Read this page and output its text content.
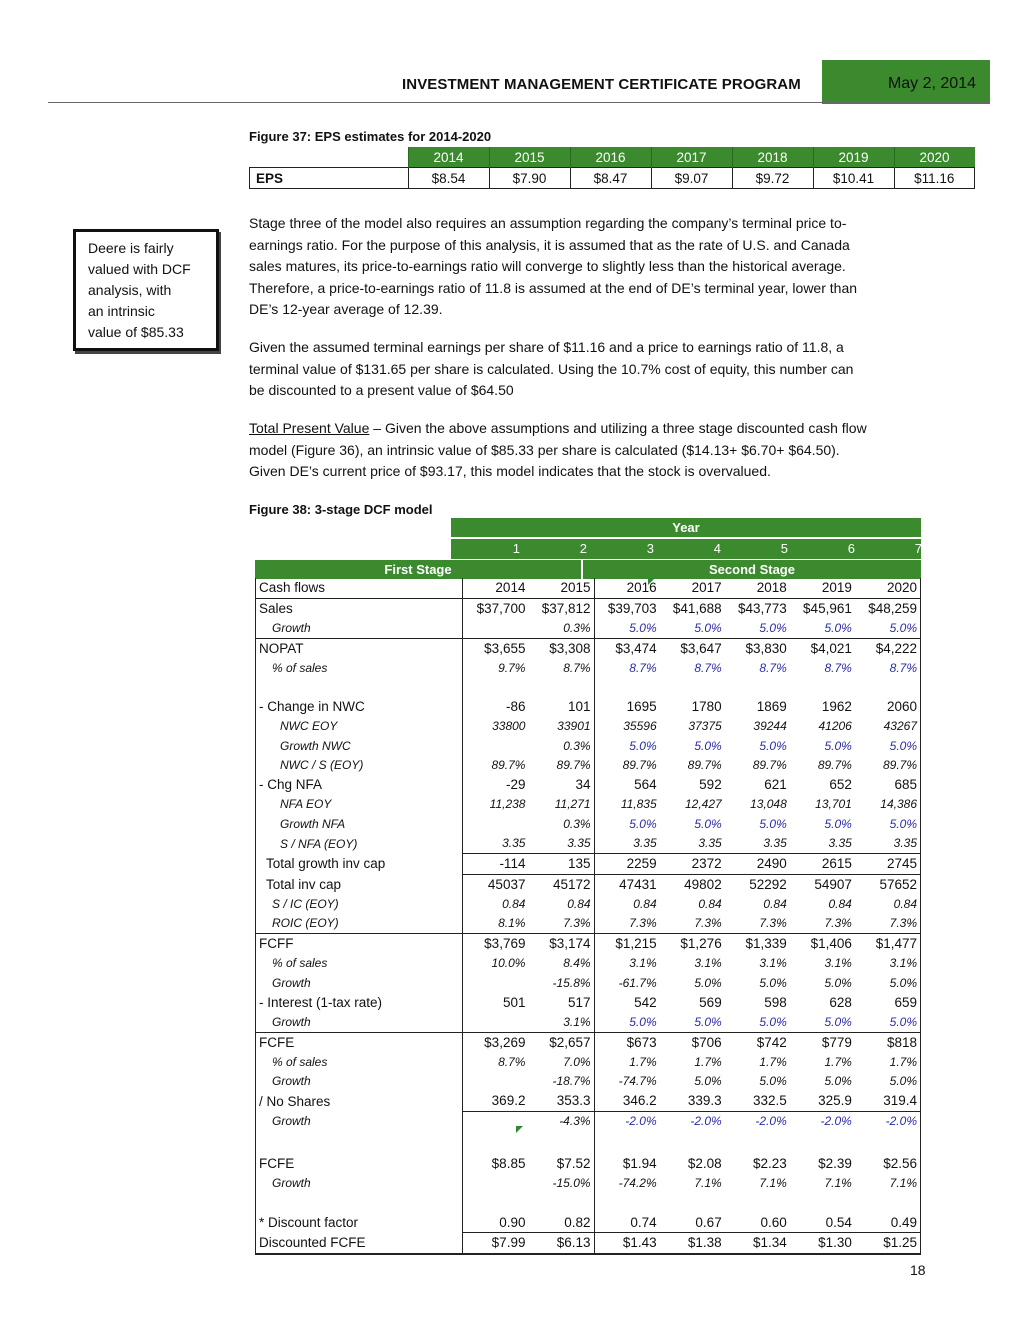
INVESTMENT MANAGEMENT CERTIFICATE PROGRAM	May 2, 2014
Figure 37: EPS estimates for 2014-2020
	2014	2015	2016	2017	2018	2019	2020
EPS	$8.54	$7.90	$8.47	$9.07	$9.72	$10.41	$11.16

Deere is fairly
valued with DCF
analysis, with
an intrinsic
value of $85.33

Stage three of the model also requires an assumption regarding the company’s terminal price to-
earnings ratio. For the purpose of this analysis, it is assumed that as the rate of U.S. and Canada
sales matures, its price-to-earnings ratio will converge to slightly less than the historical average.
Therefore, a price-to-earnings ratio of 11.8 is assumed at the end of DE’s terminal year, lower than
DE’s 12-year average of 12.39.

Given the assumed terminal earnings per share of $11.16 and a price to earnings ratio of 11.8, a
terminal value of $131.65 per share is calculated. Using the 10.7% cost of equity, this number can
be discounted to a present value of $64.50

Total Present Value – Given the above assumptions and utilizing a three stage discounted cash flow
model (Figure 36), an intrinsic value of $85.33 per share is calculated ($14.13+ $6.70+ $64.50).
Given DE’s current price of $93.17, this model indicates that the stock is overvalued.

Figure 38: 3-stage DCF model
Year
1	2	3	4	5	6	7
First Stage	Second Stage
Cash flows	2014	2015	2016	2017	2018	2019	2020
Sales	$37,700	$37,812	$39,703	$41,688	$43,773	$45,961	$48,259
Growth		0.3%	5.0%	5.0%	5.0%	5.0%	5.0%
NOPAT	$3,655	$3,308	$3,474	$3,647	$3,830	$4,021	$4,222
% of sales	9.7%	8.7%	8.7%	8.7%	8.7%	8.7%	8.7%

- Change in NWC	-86	101	1695	1780	1869	1962	2060
NWC EOY	33800	33901	35596	37375	39244	41206	43267
Growth NWC		0.3%	5.0%	5.0%	5.0%	5.0%	5.0%
NWC / S (EOY)	89.7%	89.7%	89.7%	89.7%	89.7%	89.7%	89.7%
- Chg NFA	-29	34	564	592	621	652	685
NFA EOY	11,238	11,271	11,835	12,427	13,048	13,701	14,386
Growth NFA		0.3%	5.0%	5.0%	5.0%	5.0%	5.0%
S / NFA (EOY)	3.35	3.35	3.35	3.35	3.35	3.35	3.35
Total growth inv cap	-114	135	2259	2372	2490	2615	2745
Total inv cap	45037	45172	47431	49802	52292	54907	57652
S / IC (EOY)	0.84	0.84	0.84	0.84	0.84	0.84	0.84
ROIC (EOY)	8.1%	7.3%	7.3%	7.3%	7.3%	7.3%	7.3%
FCFF	$3,769	$3,174	$1,215	$1,276	$1,339	$1,406	$1,477
% of sales	10.0%	8.4%	3.1%	3.1%	3.1%	3.1%	3.1%
Growth		-15.8%	-61.7%	5.0%	5.0%	5.0%	5.0%
- Interest (1-tax rate)	501	517	542	569	598	628	659
Growth		3.1%	5.0%	5.0%	5.0%	5.0%	5.0%
FCFE	$3,269	$2,657	$673	$706	$742	$779	$818
% of sales	8.7%	7.0%	1.7%	1.7%	1.7%	1.7%	1.7%
Growth		-18.7%	-74.7%	5.0%	5.0%	5.0%	5.0%
/ No Shares	369.2	353.3	346.2	339.3	332.5	325.9	319.4
Growth		-4.3%	-2.0%	-2.0%	-2.0%	-2.0%	-2.0%

FCFE	$8.85	$7.52	$1.94	$2.08	$2.23	$2.39	$2.56
Growth		-15.0%	-74.2%	7.1%	7.1%	7.1%	7.1%

* Discount factor	0.90	0.82	0.74	0.67	0.60	0.54	0.49
Discounted FCFE	$7.99	$6.13	$1.43	$1.38	$1.34	$1.30	$1.25
18
